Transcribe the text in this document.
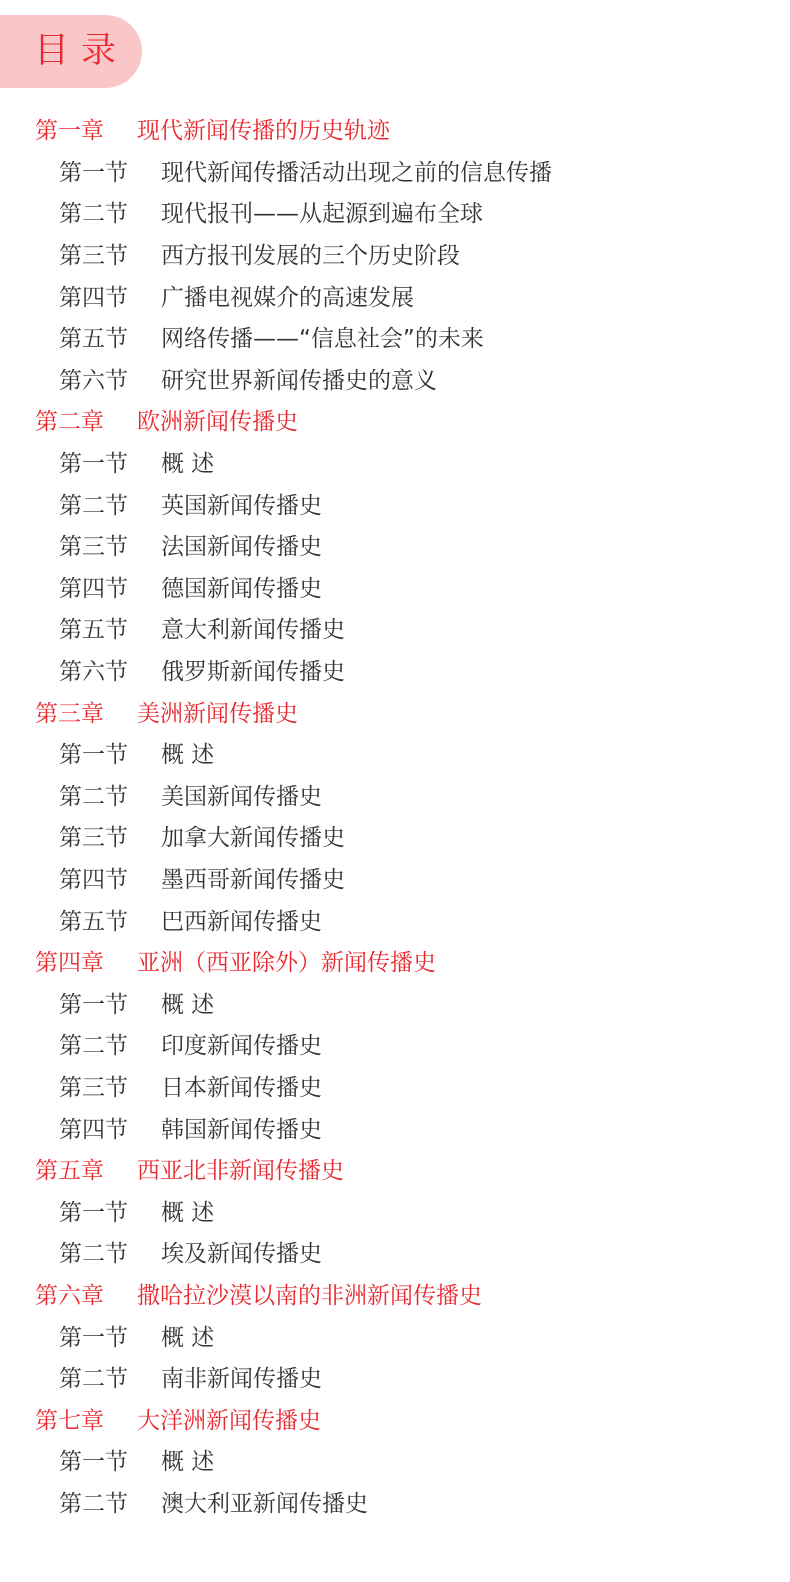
目录
第一章	现代新闻传播的历史轨迹
第一节	现代新闻传播活动出现之前的信息传播
第二节	现代报刊——从起源到遍布全球
第三节	西方报刊发展的三个历史阶段
第四节	广播电视媒介的高速发展
第五节	网络传播——“信息社会”的未来
第六节	研究世界新闻传播史的意义
第二章	欧洲新闻传播史
第一节	概 述
第二节	英国新闻传播史
第三节	法国新闻传播史
第四节	德国新闻传播史
第五节	意大利新闻传播史
第六节	俄罗斯新闻传播史
第三章	美洲新闻传播史
第一节	概 述
第二节	美国新闻传播史
第三节	加拿大新闻传播史
第四节	墨西哥新闻传播史
第五节	巴西新闻传播史
第四章	亚洲（西亚除外）新闻传播史
第一节	概 述
第二节	印度新闻传播史
第三节	日本新闻传播史
第四节	韩国新闻传播史
第五章	西亚北非新闻传播史
第一节	概 述
第二节	埃及新闻传播史
第六章	撒哈拉沙漠以南的非洲新闻传播史
第一节	概 述
第二节	南非新闻传播史
第七章	大洋洲新闻传播史
第一节	概 述
第二节	澳大利亚新闻传播史
